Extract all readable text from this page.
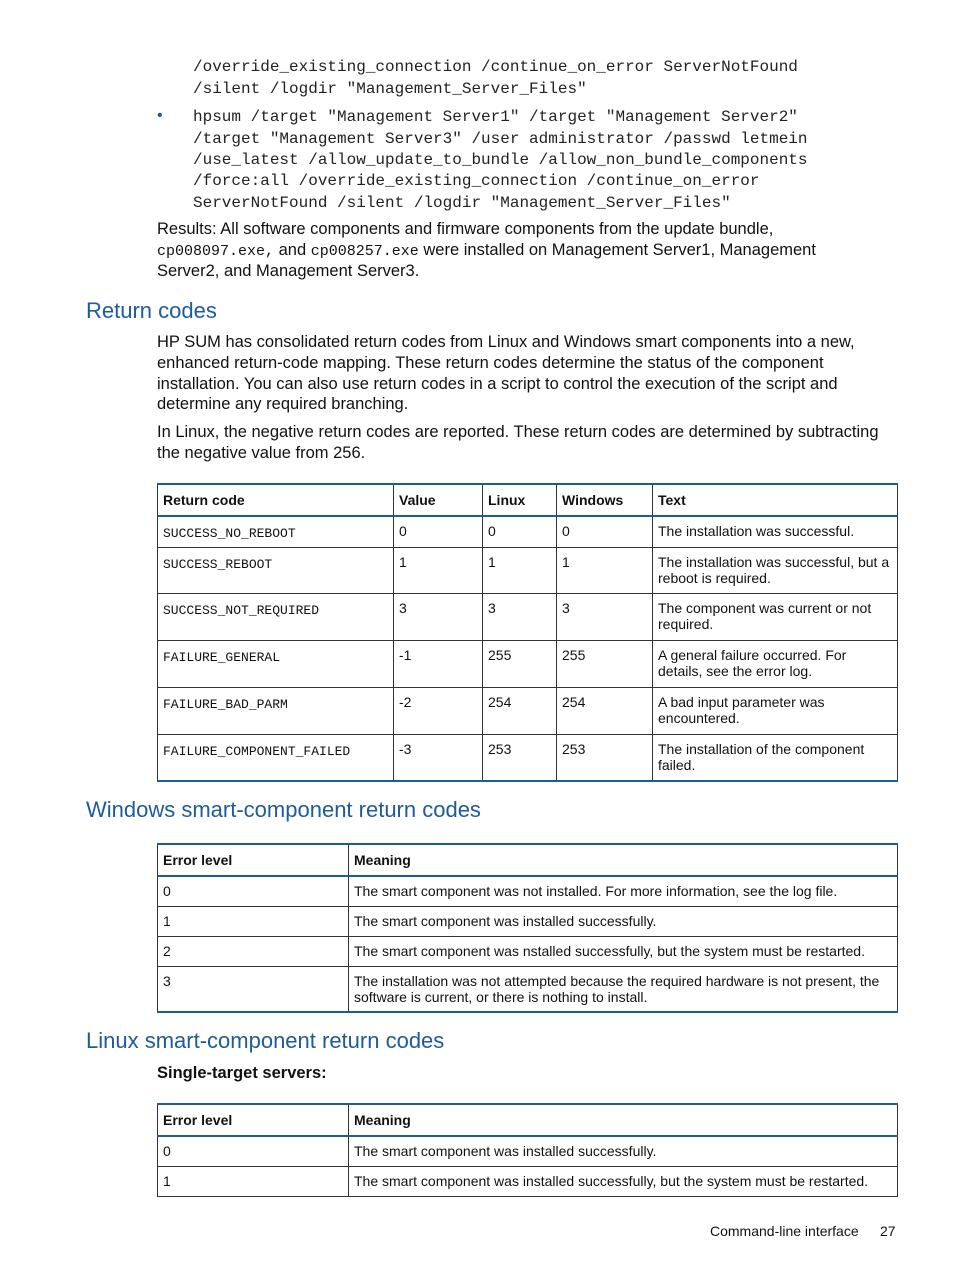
/override_existing_connection /continue_on_error ServerNotFound
/silent /logdir "Management_Server_Files"
• hpsum /target "Management Server1" /target "Management Server2"
/target "Management Server3" /user administrator /passwd letmein
/use_latest /allow_update_to_bundle /allow_non_bundle_components
/force:all /override_existing_connection /continue_on_error
ServerNotFound /silent /logdir "Management_Server_Files"
Results: All software components and firmware components from the update bundle,
cp008097.exe, and cp008257.exe were installed on Management Server1, Management
Server2, and Management Server3.
Return codes
HP SUM has consolidated return codes from Linux and Windows smart components into a new,
enhanced return-code mapping. These return codes determine the status of the component
installation. You can also use return codes in a script to control the execution of the script and
determine any required branching.
In Linux, the negative return codes are reported. These return codes are determined by subtracting
the negative value from 256.
Return code	Value	Linux	Windows	Text
SUCCESS_NO_REBOOT	0	0	0	The installation was successful.
SUCCESS_REBOOT	1	1	1	The installation was successful, but a reboot is required.
SUCCESS_NOT_REQUIRED	3	3	3	The component was current or not required.
FAILURE_GENERAL	-1	255	255	A general failure occurred. For details, see the error log.
FAILURE_BAD_PARM	-2	254	254	A bad input parameter was encountered.
FAILURE_COMPONENT_FAILED	-3	253	253	The installation of the component failed.
Windows smart-component return codes
Error level	Meaning
0	The smart component was not installed. For more information, see the log file.
1	The smart component was installed successfully.
2	The smart component was nstalled successfully, but the system must be restarted.
3	The installation was not attempted because the required hardware is not present, the software is current, or there is nothing to install.
Linux smart-component return codes
Single-target servers:
Error level	Meaning
0	The smart component was installed successfully.
1	The smart component was installed successfully, but the system must be restarted.
Command-line interface 27
